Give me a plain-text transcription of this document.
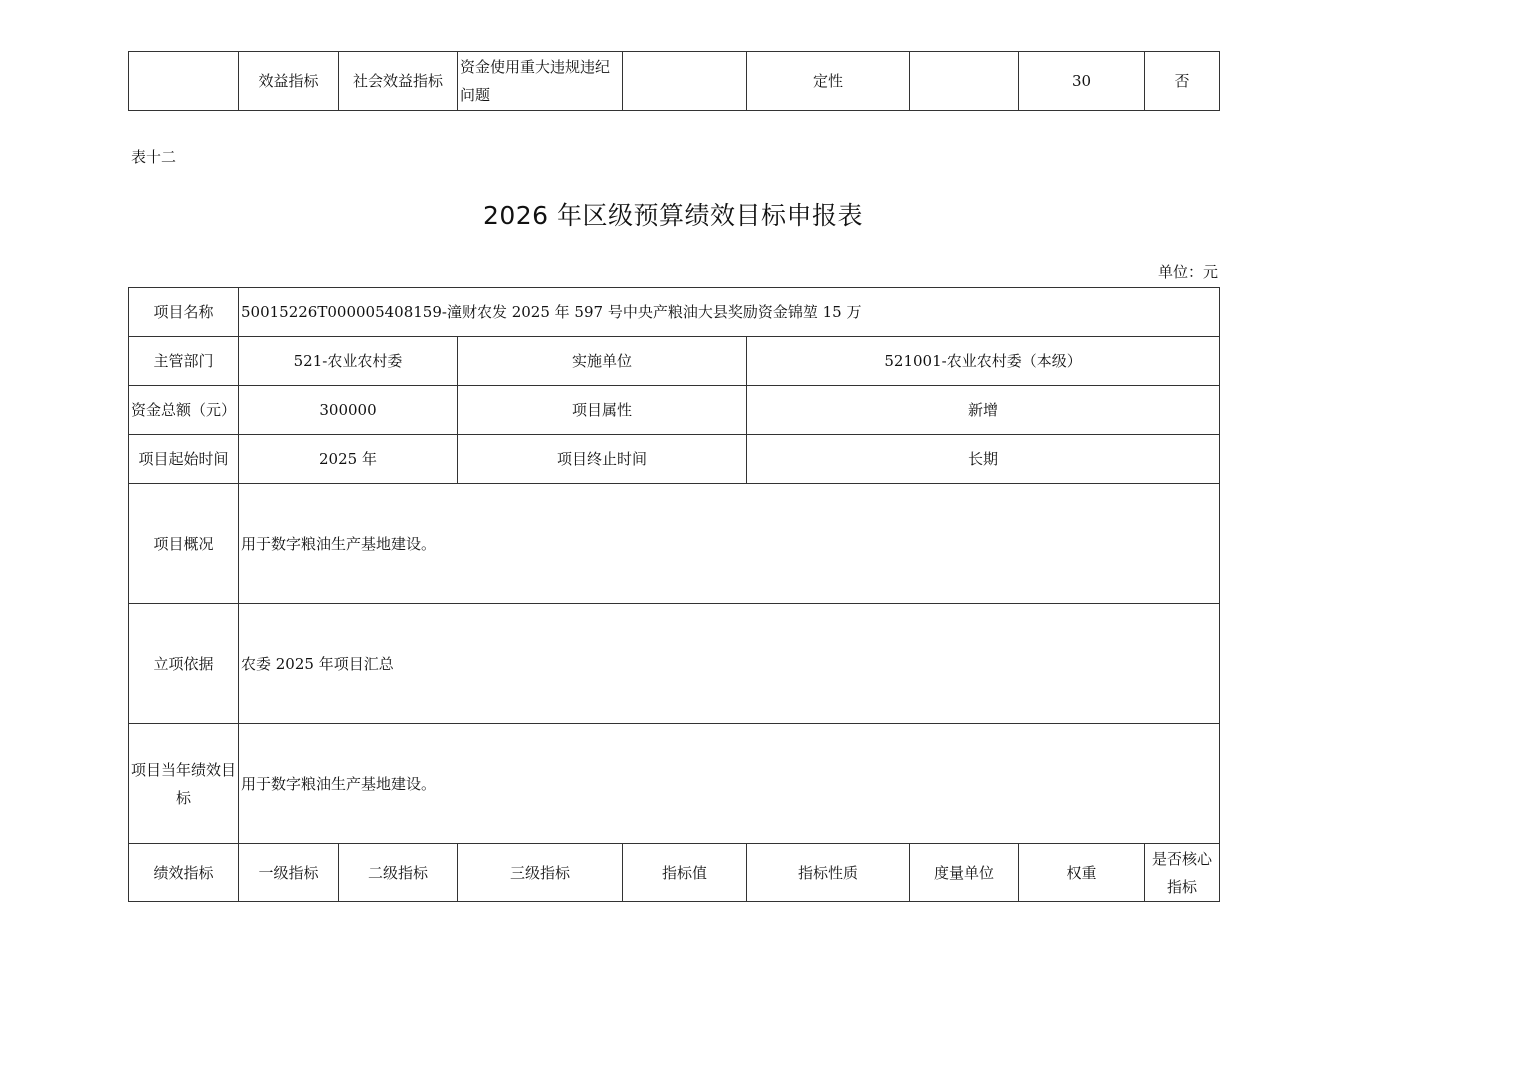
	效益指标	社会效益指标	资金使用重大违规违纪问题		定性		30	否
表十二
2026 年区级预算绩效目标申报表
单位：元
项目名称	50015226T000005408159-潼财农发 2025 年 597 号中央产粮油大县奖励资金锦堃 15 万							
主管部门	521-农业农村委		实施单位		521001-农业农村委（本级）			
资金总额（元）	300000		项目属性		新增			
项目起始时间	2025 年		项目终止时间		长期			
项目概况	用于数字粮油生产基地建设。							
立项依据	农委 2025 年项目汇总							
项目当年绩效目标	用于数字粮油生产基地建设。							
绩效指标	一级指标	二级指标	三级指标	指标值	指标性质	度量单位	权重	是否核心指标
